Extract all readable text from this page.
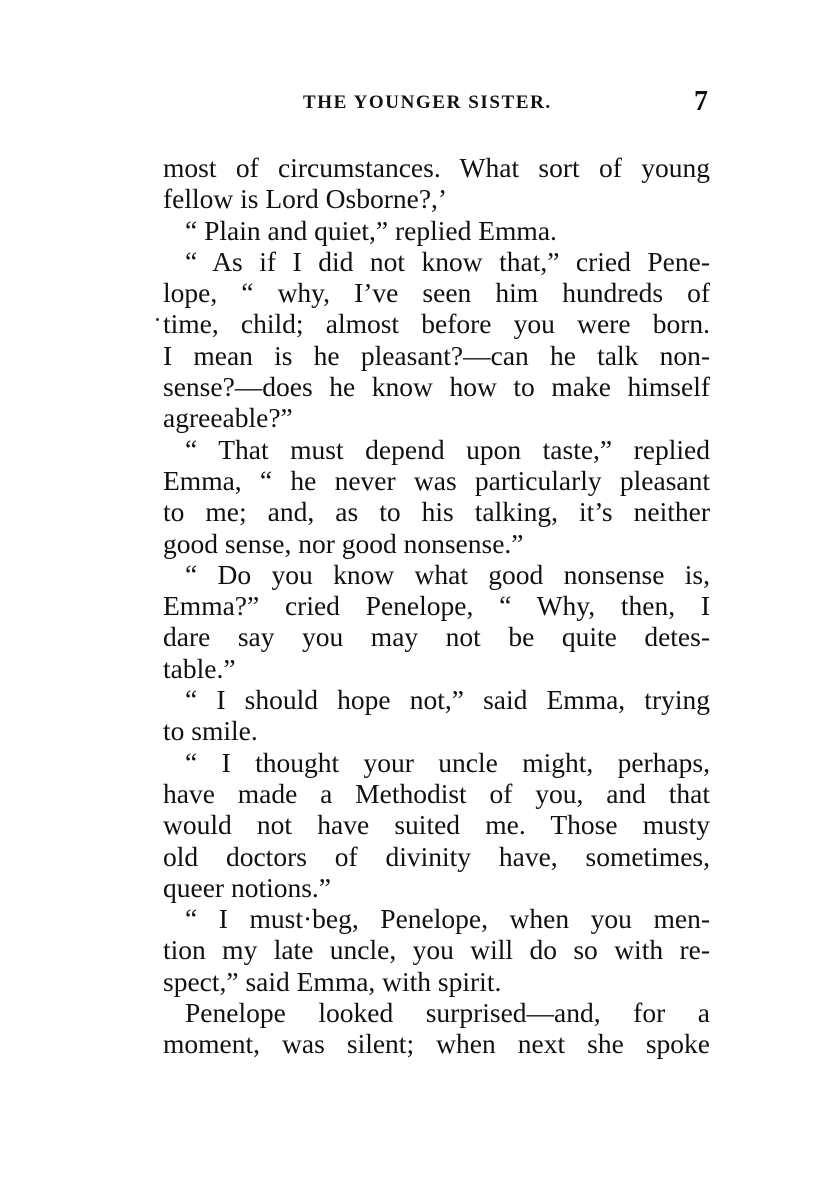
THE YOUNGER SISTER.	7
most of circumstances. What sort of young
fellow is Lord Osborne?,’
“ Plain and quiet,” replied Emma.
“ As if I did not know that,” cried Pene-
lope, “ why, I’ve seen him hundreds of
time, child; almost before you were born.
I mean is he pleasant?—can he talk non-
sense?—does he know how to make himself
agreeable?”
“ That must depend upon taste,” replied
Emma, “ he never was particularly pleasant
to me; and, as to his talking, it’s neither
good sense, nor good nonsense.”
“ Do you know what good nonsense is,
Emma?” cried Penelope, “ Why, then, I
dare say you may not be quite detes-
table.”
“ I should hope not,” said Emma, trying
to smile.
“ I thought your uncle might, perhaps,
have made a Methodist of you, and that
would not have suited me. Those musty
old doctors of divinity have, sometimes,
queer notions.”
“ I must·beg, Penelope, when you men-
tion my late uncle, you will do so with re-
spect,” said Emma, with spirit.
Penelope looked surprised—and, for a
moment, was silent; when next she spoke
